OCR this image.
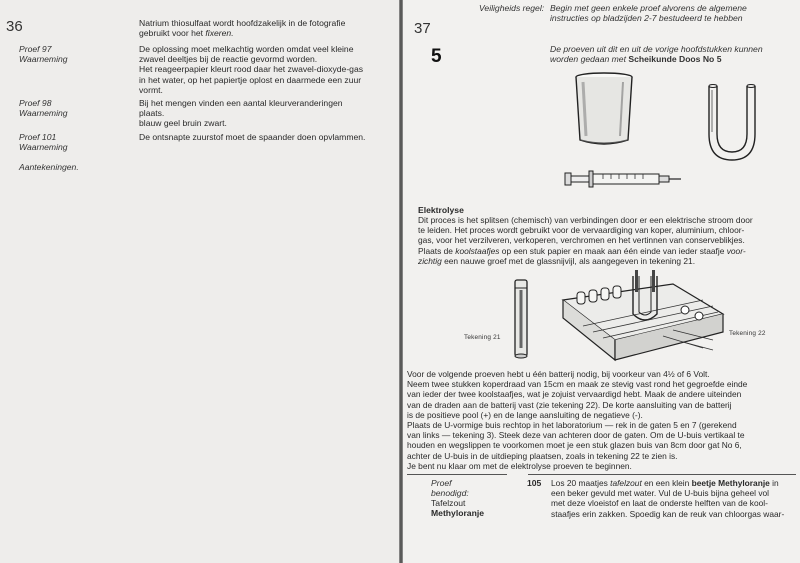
36	Natrium thiosulfaat wordt hoofdzakelijk in de fotografie
gebruikt voor het fixeren.
Proef 97
Waarneming
De oplossing moet melkachtig worden omdat veel kleine
zwavel deeltjes bij de reactie gevormd worden.
Het reageerpapier kleurt rood daar het zwavel-dioxyde-gas
in het water, op het papiertje oplost en daarmede een zuur
vormt.
Proef 98
Waarneming
Bij het mengen vinden een aantal kleurveranderingen
plaats.
blauw geel bruin zwart.
Proef 101
Waarneming
De ontsnapte zuurstof moet de spaander doen opvlammen.
Aantekeningen.
37
5
Veiligheids regel: Begin met geen enkele proef alvorens de algemene
instructies op bladzijden 2-7 bestudeerd te hebben
De proeven uit dit en uit de vorige hoofdstukken kunnen
worden gedaan met Scheikunde Doos No 5
Elektrolyse
Dit proces is het splitsen (chemisch) van verbindingen door er een elektrische stroom door
te leiden. Het proces wordt gebruikt voor de vervaardiging van koper, aluminium, chloor-
gas, voor het verzilveren, verkoperen, verchromen en het vertinnen van conserveblikjes.
Plaats de koolstaafjes op een stuk papier en maak aan één einde van ieder staafje voor-
zichtig een nauwe groef met de glassnijvijl, als aangegeven in tekening 21.
Tekening 21
Tekening 22
Voor de volgende proeven hebt u één batterij nodig, bij voorkeur van 4½ of 6 Volt.
Neem twee stukken koperdraad van 15cm en maak ze stevig vast rond het gegroefde einde
van ieder der twee koolstaafjes, wat je zojuist vervaardigd hebt. Maak de andere uiteinden
van de draden aan de batterij vast (zie tekening 22). De korte aansluiting van de batterij
is de positieve pool (+) en de lange aansluiting de negatieve (-).
Plaats de U-vormige buis rechtop in het laboratorium — rek in de gaten 5 en 7 (gerekend
van links — tekening 3). Steek deze van achteren door de gaten. Om de U-buis vertikaal te
houden en wegslippen te voorkomen moet je een stuk glazen buis van 8cm door gat No 6,
achter de U-buis in de uitdieping plaatsen, zoals in tekening 22 te zien is.
Je bent nu klaar om met de elektrolyse proeven te beginnen.
Proef
benodigd:
Tafelzout
Methyloranje
105 Los 20 maatjes tafelzout en een klein beetje Methyloranje in
een beker gevuld met water. Vul de U-buis bijna geheel vol
met deze vloeistof en laat de onderste helften van de kool-
staafjes erin zakken. Spoedig kan de reuk van chloorgas waar-
